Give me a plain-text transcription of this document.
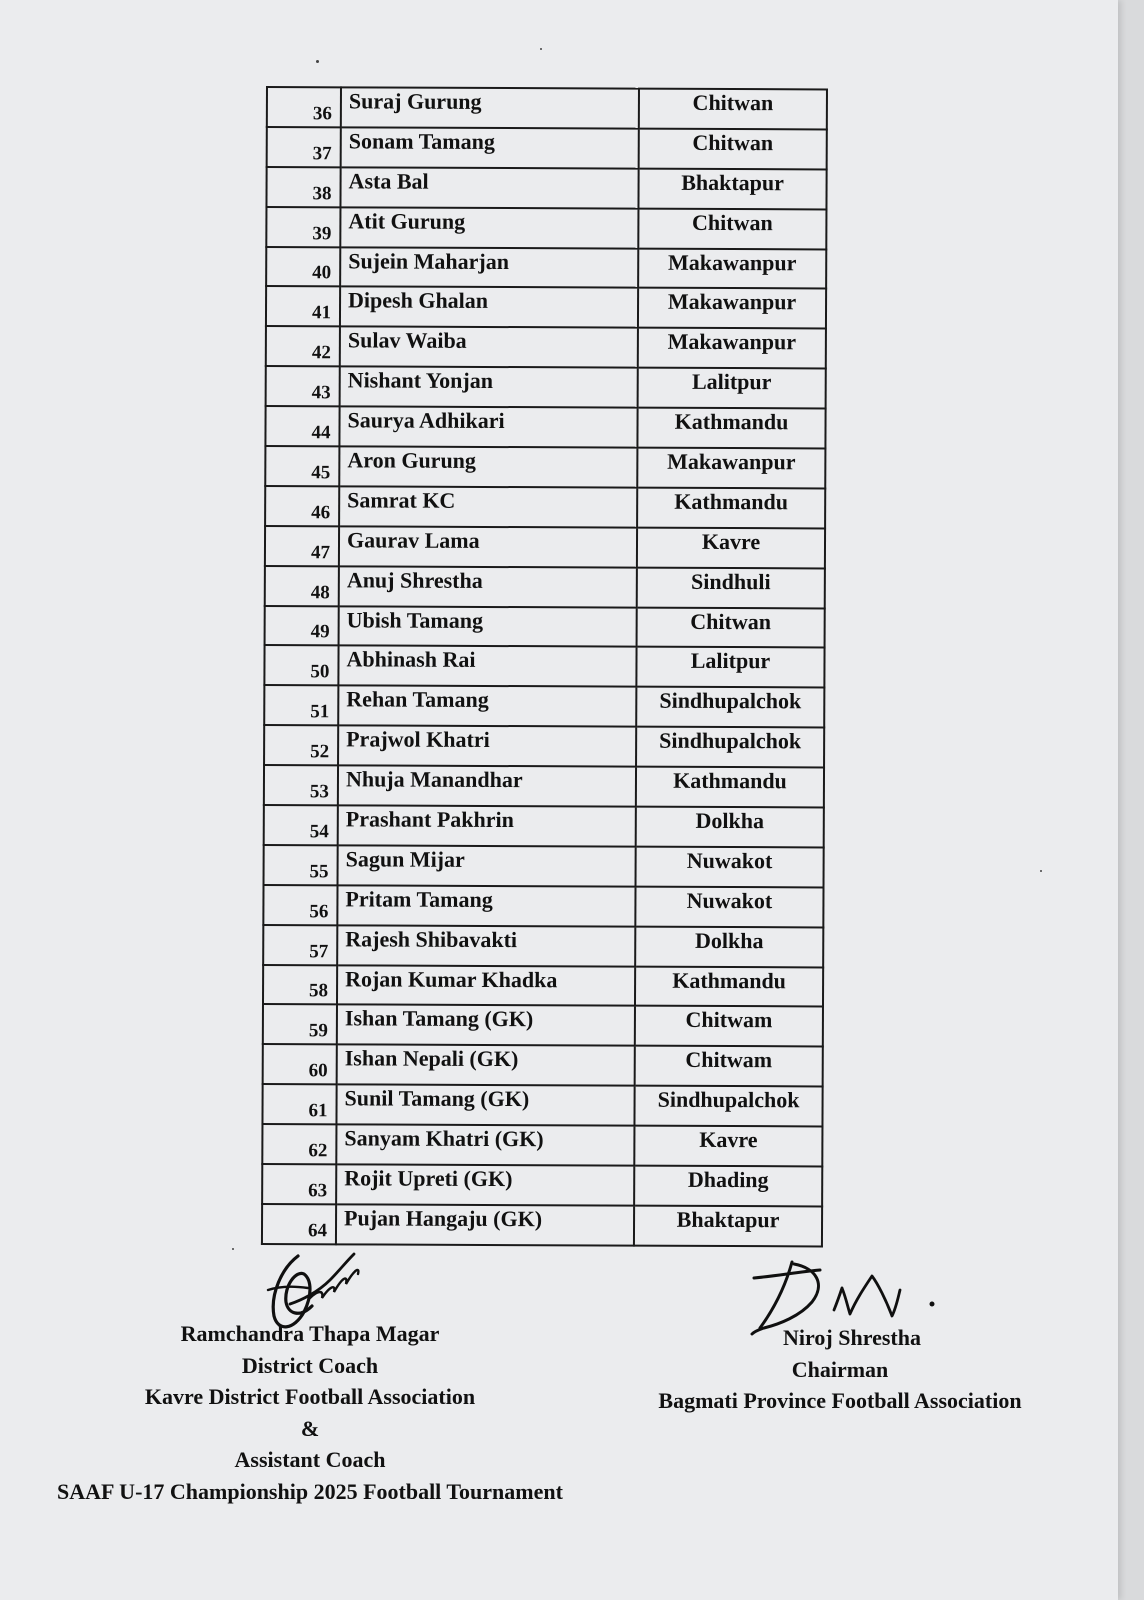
36	Suraj Gurung	Chitwan
37	Sonam Tamang	Chitwan
38	Asta Bal	Bhaktapur
39	Atit Gurung	Chitwan
40	Sujein Maharjan	Makawanpur
41	Dipesh Ghalan	Makawanpur
42	Sulav Waiba	Makawanpur
43	Nishant Yonjan	Lalitpur
44	Saurya Adhikari	Kathmandu
45	Aron Gurung	Makawanpur
46	Samrat KC	Kathmandu
47	Gaurav Lama	Kavre
48	Anuj Shrestha	Sindhuli
49	Ubish Tamang	Chitwan
50	Abhinash Rai	Lalitpur
51	Rehan Tamang	Sindhupalchok
52	Prajwol Khatri	Sindhupalchok
53	Nhuja Manandhar	Kathmandu
54	Prashant Pakhrin	Dolkha
55	Sagun Mijar	Nuwakot
56	Pritam Tamang	Nuwakot
57	Rajesh Shibavakti	Dolkha
58	Rojan Kumar Khadka	Kathmandu
59	Ishan Tamang (GK)	Chitwam
60	Ishan Nepali (GK)	Chitwam
61	Sunil Tamang (GK)	Sindhupalchok
62	Sanyam Khatri (GK)	Kavre
63	Rojit Upreti (GK)	Dhading
64	Pujan Hangaju (GK)	Bhaktapur
Ramchandra Thapa Magar
District Coach
Kavre District Football Association
&
Assistant Coach
SAAF U-17 Championship 2025 Football Tournament
Niroj Shrestha
Chairman
Bagmati Province Football Association
